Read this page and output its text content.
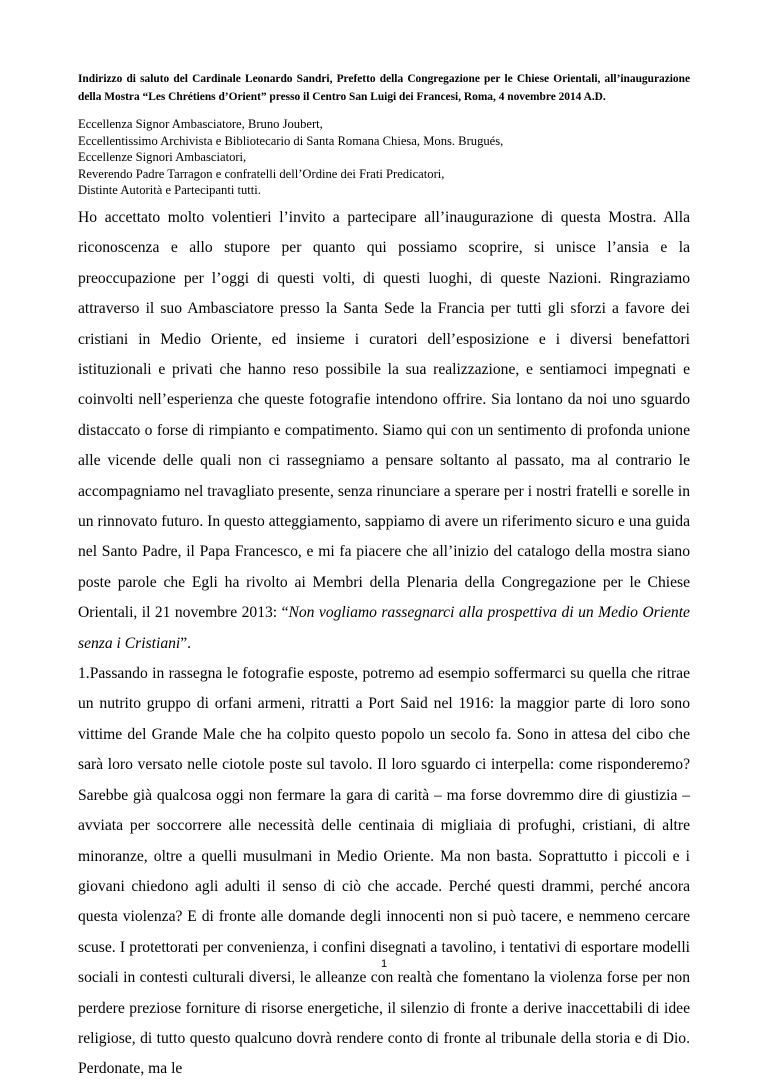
Indirizzo di saluto del Cardinale Leonardo Sandri, Prefetto della Congregazione per le Chiese Orientali, all’inaugurazione della Mostra “Les Chrétiens d’Orient” presso il Centro San Luigi dei Francesi, Roma, 4 novembre 2014 A.D.

Eccellenza Signor Ambasciatore, Bruno Joubert,
Eccellentissimo Archivista e Bibliotecario di Santa Romana Chiesa, Mons. Brugués,
Eccellenze Signori Ambasciatori,
Reverendo Padre Tarragon e confratelli dell’Ordine dei Frati Predicatori,
Distinte Autorità e Partecipanti tutti.

Ho accettato molto volentieri l’invito a partecipare all’inaugurazione di questa Mostra. Alla riconoscenza e allo stupore per quanto qui possiamo scoprire, si unisce l’ansia e la preoccupazione per l’oggi di questi volti, di questi luoghi, di queste Nazioni. Ringraziamo attraverso il suo Ambasciatore presso la Santa Sede la Francia per tutti gli sforzi a favore dei cristiani in Medio Oriente, ed insieme i curatori dell’esposizione e i diversi benefattori istituzionali e privati che hanno reso possibile la sua realizzazione, e sentiamoci impegnati e coinvolti nell’esperienza che queste fotografie intendono offrire. Sia lontano da noi uno sguardo distaccato o forse di rimpianto e compatimento. Siamo qui con un sentimento di profonda unione alle vicende delle quali non ci rassegniamo a pensare soltanto al passato, ma al contrario le accompagniamo nel travagliato presente, senza rinunciare a sperare per i nostri fratelli e sorelle in un rinnovato futuro. In questo atteggiamento, sappiamo di avere un riferimento sicuro e una guida nel Santo Padre, il Papa Francesco, e mi fa piacere che all’inizio del catalogo della mostra siano poste parole che Egli ha rivolto ai Membri della Plenaria della Congregazione per le Chiese Orientali, il 21 novembre 2013: “Non vogliamo rassegnarci alla prospettiva di un Medio Oriente senza i Cristiani”.

1.Passando in rassegna le fotografie esposte, potremo ad esempio soffermarci su quella che ritrae un nutrito gruppo di orfani armeni, ritratti a Port Said nel 1916: la maggior parte di loro sono vittime del Grande Male che ha colpito questo popolo un secolo fa. Sono in attesa del cibo che sarà loro versato nelle ciotole poste sul tavolo. Il loro sguardo ci interpella: come risponderemo? Sarebbe già qualcosa oggi non fermare la gara di carità – ma forse dovremmo dire di giustizia – avviata per soccorrere alle necessità delle centinaia di migliaia di profughi, cristiani, di altre minoranze, oltre a quelli musulmani in Medio Oriente. Ma non basta. Soprattutto i piccoli e i giovani chiedono agli adulti il senso di ciò che accade. Perché questi drammi, perché ancora questa violenza? E di fronte alle domande degli innocenti non si può tacere, e nemmeno cercare scuse. I protettorati per convenienza, i confini disegnati a tavolino, i tentativi di esportare modelli sociali in contesti culturali diversi, le alleanze con realtà che fomentano la violenza forse per non perdere preziose forniture di risorse energetiche, il silenzio di fronte a derive inaccettabili di idee religiose, di tutto questo qualcuno dovrà rendere conto di fronte al tribunale della storia e di Dio. Perdonate, ma le

1
